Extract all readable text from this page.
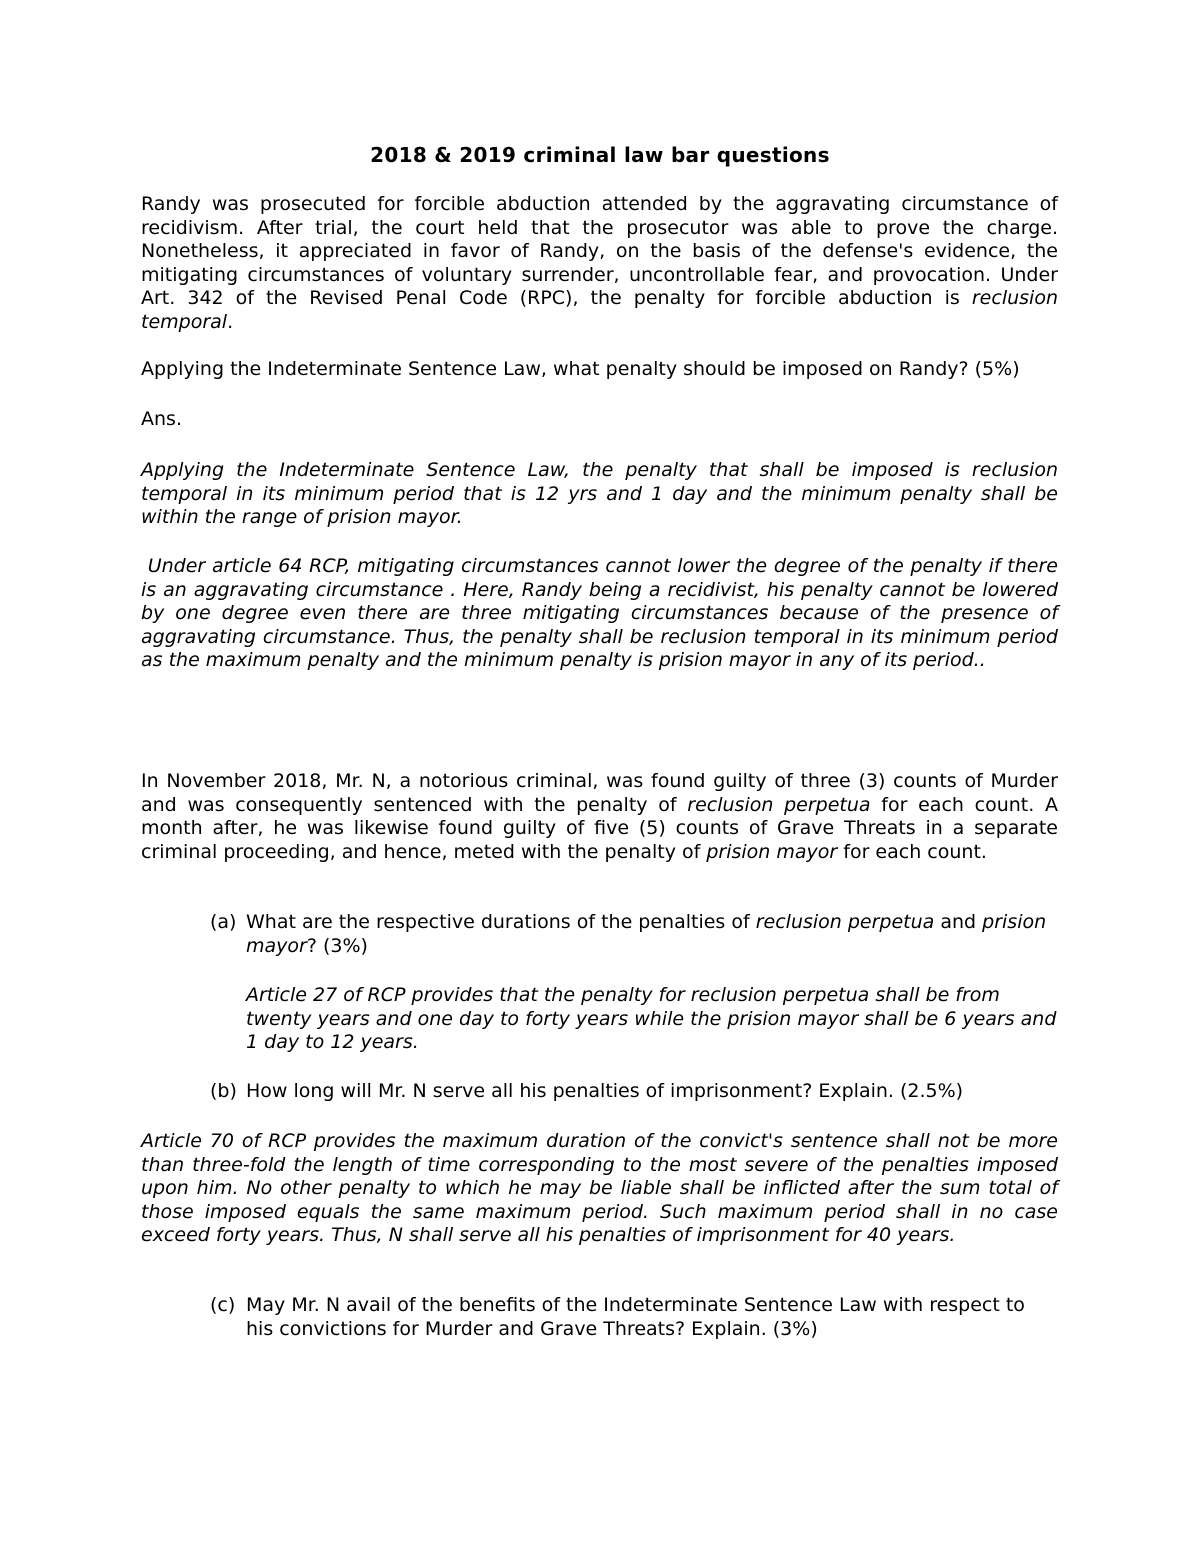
2018 & 2019 criminal law bar questions

Randy was prosecuted for forcible abduction attended by the aggravating circumstance of recidivism. After trial, the court held that the prosecutor was able to prove the charge. Nonetheless, it appreciated in favor of Randy, on the basis of the defense's evidence, the mitigating circumstances of voluntary surrender, uncontrollable fear, and provocation. Under Art. 342 of the Revised Penal Code (RPC), the penalty for forcible abduction is reclusion temporal.

Applying the Indeterminate Sentence Law, what penalty should be imposed on Randy? (5%)

Ans.

Applying the Indeterminate Sentence Law, the penalty that shall be imposed is reclusion temporal in its minimum period that is 12 yrs and 1 day and the minimum penalty shall be within the range of prision mayor.

Under article 64 RCP, mitigating circumstances cannot lower the degree of the penalty if there is an aggravating circumstance . Here, Randy being a recidivist, his penalty cannot be lowered by one degree even there are three mitigating circumstances because of the presence of aggravating circumstance. Thus, the penalty shall be reclusion temporal in its minimum period as the maximum penalty and the minimum penalty is prision mayor in any of its period..

In November 2018, Mr. N, a notorious criminal, was found guilty of three (3) counts of Murder and was consequently sentenced with the penalty of reclusion perpetua for each count. A month after, he was likewise found guilty of five (5) counts of Grave Threats in a separate criminal proceeding, and hence, meted with the penalty of prision mayor for each count.

(a) What are the respective durations of the penalties of reclusion perpetua and prision mayor? (3%)

Article 27 of RCP provides that the penalty for reclusion perpetua shall be from twenty years and one day to forty years while the prision mayor shall be 6 years and 1 day to 12 years.

(b) How long will Mr. N serve all his penalties of imprisonment? Explain. (2.5%)

Article 70 of RCP provides the maximum duration of the convict's sentence shall not be more than three-fold the length of time corresponding to the most severe of the penalties imposed upon him. No other penalty to which he may be liable shall be inflicted after the sum total of those imposed equals the same maximum period. Such maximum period shall in no case exceed forty years. Thus, N shall serve all his penalties of imprisonment for 40 years.

(c) May Mr. N avail of the benefits of the Indeterminate Sentence Law with respect to his convictions for Murder and Grave Threats? Explain. (3%)
